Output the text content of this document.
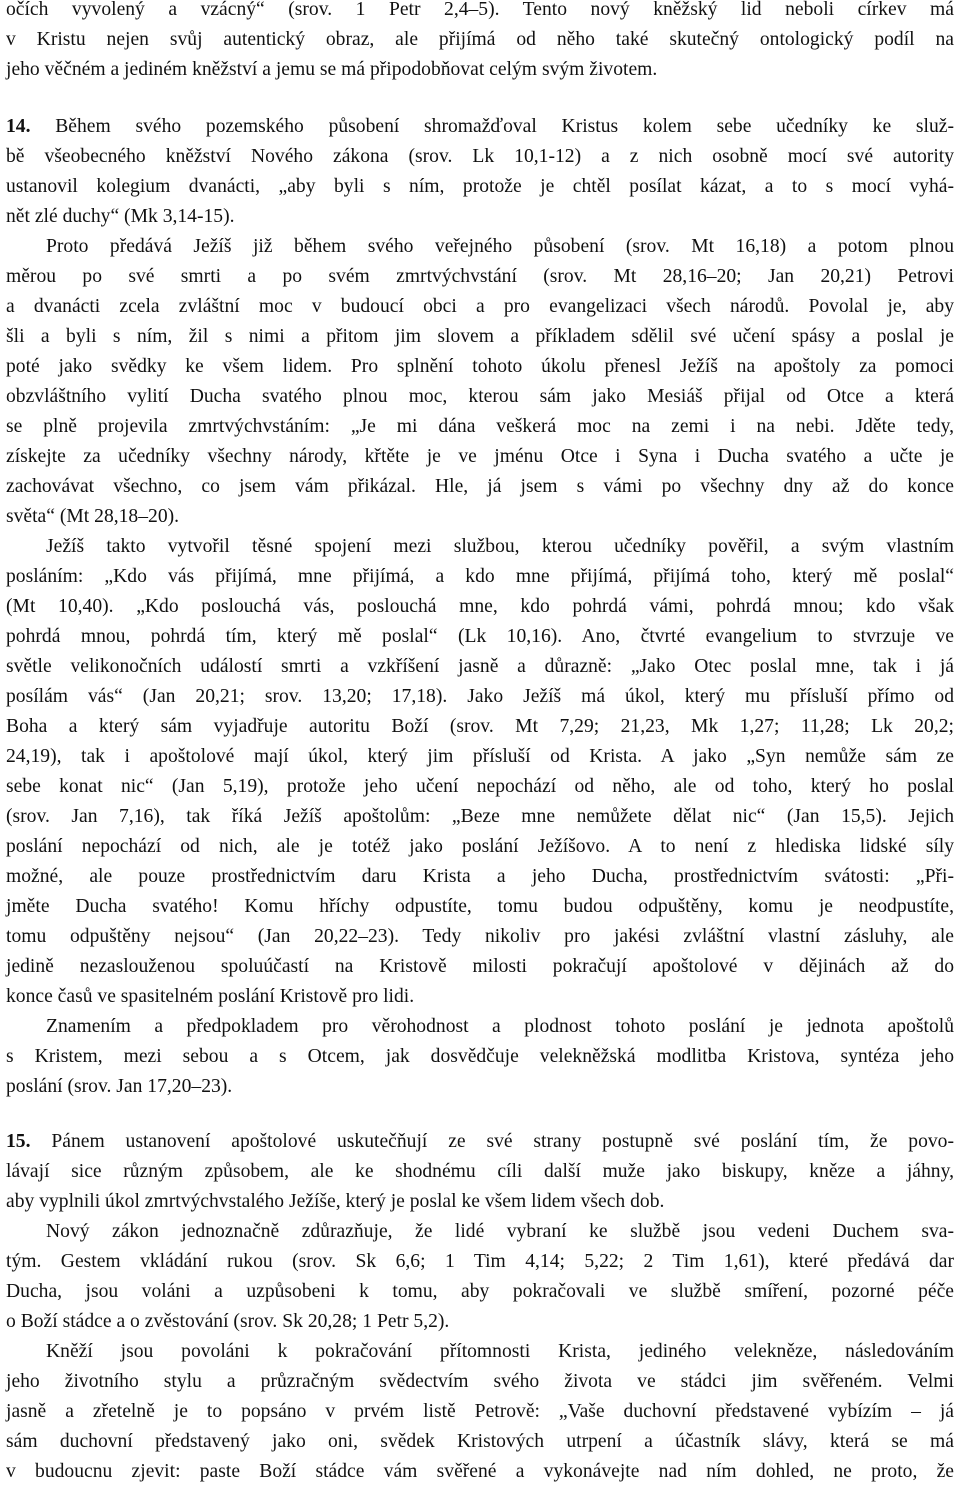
očích vyvolený a vzácný“ (srov. 1 Petr 2,4–5). Tento nový kněžský lid neboli církev má
v Kristu nejen svůj autentický obraz, ale přijímá od něho také skutečný ontologický podíl na
jeho věčném a jediném kněžství a jemu se má připodobňovat celým svým životem.
14. Během svého pozemského působení shromažďoval Kristus kolem sebe učedníky ke služ-
bě všeobecného kněžství Nového zákona (srov. Lk 10,1-12) a z nich osobně mocí své autority
ustanovil kolegium dvanácti, „aby byli s ním, protože je chtěl posílat kázat, a to s mocí vyhá-
nět zlé duchy“ (Mk 3,14-15).
Proto předává Ježíš již během svého veřejného působení (srov. Mt 16,18) a potom plnou
měrou po své smrti a po svém zmrtvýchvstání (srov. Mt 28,16–20; Jan 20,21) Petrovi
a dvanácti zcela zvláštní moc v budoucí obci a pro evangelizaci všech národů. Povolal je, aby
šli a byli s ním, žil s nimi a přitom jim slovem a příkladem sdělil své učení spásy a poslal je
poté jako svědky ke všem lidem. Pro splnění tohoto úkolu přenesl Ježíš na apoštoly za pomoci
obzvláštního vylití Ducha svatého plnou moc, kterou sám jako Mesiáš přijal od Otce a která
se plně projevila zmrtvýchvstáním: „Je mi dána veškerá moc na zemi i na nebi. Jděte tedy,
získejte za učedníky všechny národy, křtěte je ve jménu Otce i Syna i Ducha svatého a učte je
zachovávat všechno, co jsem vám přikázal. Hle, já jsem s vámi po všechny dny až do konce
světa“ (Mt 28,18–20).
Ježíš takto vytvořil těsné spojení mezi službou, kterou učedníky pověřil, a svým vlastním
posláním: „Kdo vás přijímá, mne přijímá, a kdo mne přijímá, přijímá toho, který mě poslal“
(Mt 10,40). „Kdo poslouchá vás, poslouchá mne, kdo pohrdá vámi, pohrdá mnou; kdo však
pohrdá mnou, pohrdá tím, který mě poslal“ (Lk 10,16). Ano, čtvrté evangelium to stvrzuje ve
světle velikonočních událostí smrti a vzkříšení jasně a důrazně: „Jako Otec poslal mne, tak i já
posílám vás“ (Jan 20,21; srov. 13,20; 17,18). Jako Ježíš má úkol, který mu přísluší přímo od
Boha a který sám vyjadřuje autoritu Boží (srov. Mt 7,29; 21,23, Mk 1,27; 11,28; Lk 20,2;
24,19), tak i apoštolové mají úkol, který jim přísluší od Krista. A jako „Syn nemůže sám ze
sebe konat nic“ (Jan 5,19), protože jeho učení nepochází od něho, ale od toho, který ho poslal
(srov. Jan 7,16), tak říká Ježíš apoštolům: „Beze mne nemůžete dělat nic“ (Jan 15,5). Jejich
poslání nepochází od nich, ale je totéž jako poslání Ježíšovo. A to není z hlediska lidské síly
možné, ale pouze prostřednictvím daru Krista a jeho Ducha, prostřednictvím svátosti: „Při-
jměte Ducha svatého! Komu hříchy odpustíte, tomu budou odpuštěny, komu je neodpustíte,
tomu odpuštěny nejsou“ (Jan 20,22–23). Tedy nikoliv pro jakési zvláštní vlastní zásluhy, ale
jedině nezaslouženou spoluúčastí na Kristově milosti pokračují apoštolové v dějinách až do
konce časů ve spasitelném poslání Kristově pro lidi.
Znamením a předpokladem pro věrohodnost a plodnost tohoto poslání je jednota apoštolů
s Kristem, mezi sebou a s Otcem, jak dosvědčuje velekněžská modlitba Kristova, syntéza jeho
poslání (srov. Jan 17,20–23).
15. Pánem ustanovení apoštolové uskutečňují ze své strany postupně své poslání tím, že povo-
lávají sice různým způsobem, ale ke shodnému cíli další muže jako biskupy, kněze a jáhny,
aby vyplnili úkol zmrtvýchvstalého Ježíše, který je poslal ke všem lidem všech dob.
Nový zákon jednoznačně zdůrazňuje, že lidé vybraní ke službě jsou vedeni Duchem sva-
tým. Gestem vkládání rukou (srov. Sk 6,6; 1 Tim 4,14; 5,22; 2 Tim 1,61), které předává dar
Ducha, jsou voláni a uzpůsobeni k tomu, aby pokračovali ve službě smíření, pozorné péče
o Boží stádce a o zvěstování (srov. Sk 20,28; 1 Petr 5,2).
Kněží jsou povoláni k pokračování přítomnosti Krista, jediného velekněze, následováním
jeho životního stylu a průzračným svědectvím svého života ve stádci jim svěřeném. Velmi
jasně a zřetelně je to popsáno v prvém listě Petrově: „Vaše duchovní představené vybízím – já
sám duchovní představený jako oni, svědek Kristových utrpení a účastník slávy, která se má
v budoucnu zjevit: paste Boží stádce vám svěřené a vykonávejte nad ním dohled, ne proto, že
